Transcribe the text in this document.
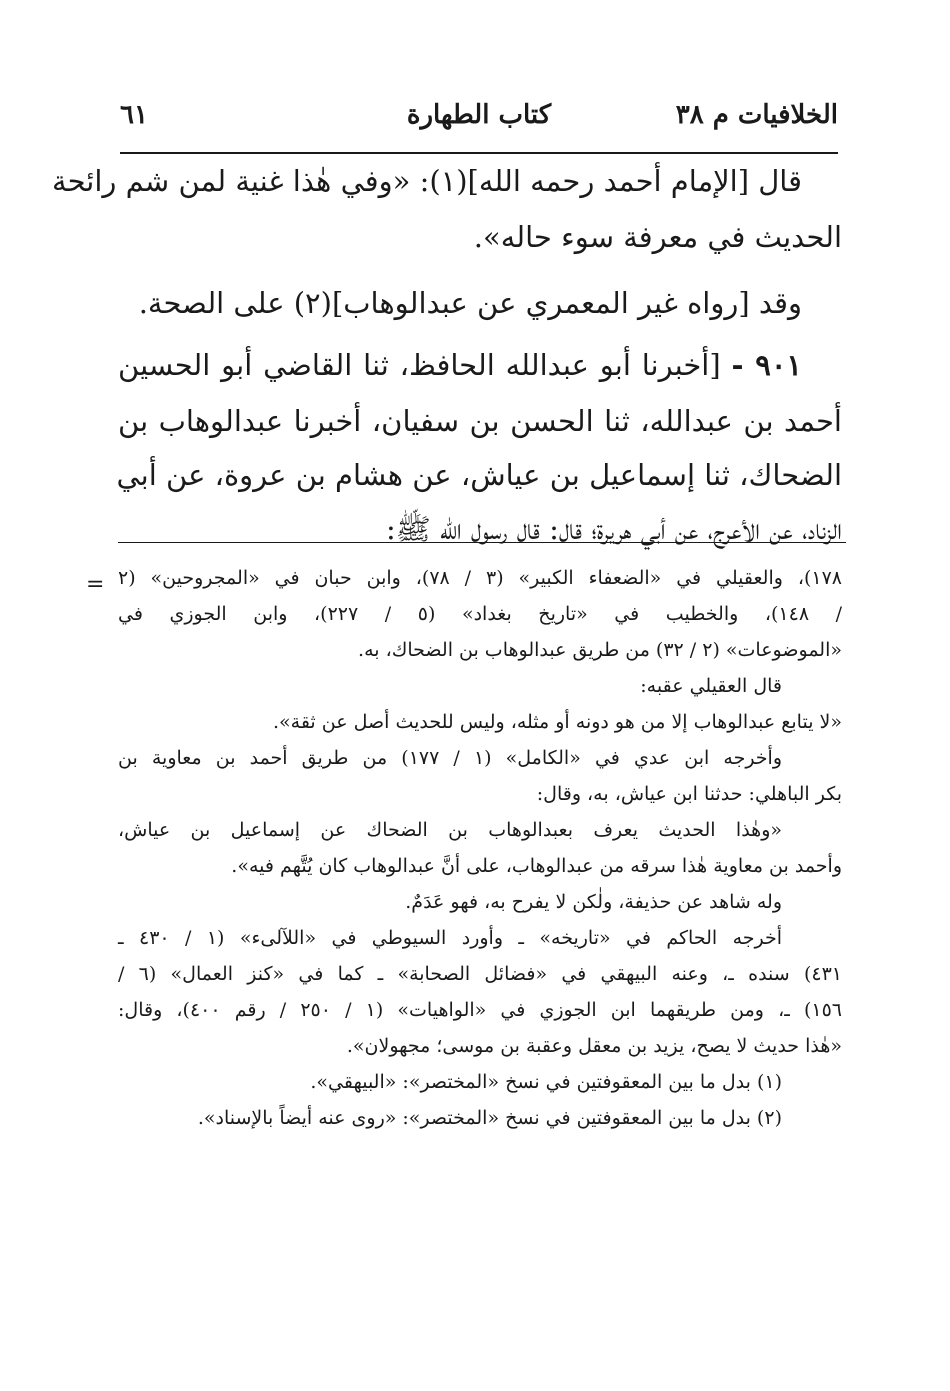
الخلافيات م ٣٨
كتاب الطهارة
٦١
قال [الإمام أحمد رحمه الله](١): «وفي هٰذا غنية لمن شم رائحة
الحديث في معرفة سوء حاله».
وقد [رواه غير المعمري عن عبدالوهاب](٢) على الصحة.
٩٠١ - [أخبرنا أبو عبدالله الحافظ، ثنا القاضي أبو الحسين
أحمد بن عبدالله، ثنا الحسن بن سفيان، أخبرنا عبدالوهاب بن
الضحاك، ثنا إسماعيل بن عياش، عن هشام بن عروة، عن أبي
الزناد، عن الأعرج، عن أبي هريرة؛ قال: قال رسول الله ﷺ:
= ١٧٨)، والعقيلي في «الضعفاء الكبير» (٣ / ٧٨)، وابن حبان في «المجروحين» (٢
/ ١٤٨)، والخطيب في «تاريخ بغداد» (٥ / ٢٢٧)، وابن الجوزي في
«الموضوعات» (٢ / ٣٢) من طريق عبدالوهاب بن الضحاك، به.
قال العقيلي عقبه:
«لا يتابع عبدالوهاب إلا من هو دونه أو مثله، وليس للحديث أصل عن ثقة».
وأخرجه ابن عدي في «الكامل» (١ / ١٧٧) من طريق أحمد بن معاوية بن
بكر الباهلي: حدثنا ابن عياش، به، وقال:
«وهٰذا الحديث يعرف بعبدالوهاب بن الضحاك عن إسماعيل بن عياش،
وأحمد بن معاوية هٰذا سرقه من عبدالوهاب، على أنَّ عبدالوهاب كان يُتَّهم فيه».
وله شاهد عن حذيفة، ولٰكن لا يفرح به، فهو عَدَمٌ.
أخرجه الحاكم في «تاريخه» ـ وأورد السيوطي في «اللآلىء» (١ / ٤٣٠ ـ
٤٣١) سنده ـ، وعنه البيهقي في «فضائل الصحابة» ـ كما في «كنز العمال» (٦ /
١٥٦) ـ، ومن طريقهما ابن الجوزي في «الواهيات» (١ / ٢٥٠ / رقم ٤٠٠)، وقال:
«هٰذا حديث لا يصح، يزيد بن معقل وعقبة بن موسى؛ مجهولان».
(١) بدل ما بين المعقوفتين في نسخ «المختصر»: «البيهقي».
(٢) بدل ما بين المعقوفتين في نسخ «المختصر»: «روى عنه أيضاً بالإسناد».
